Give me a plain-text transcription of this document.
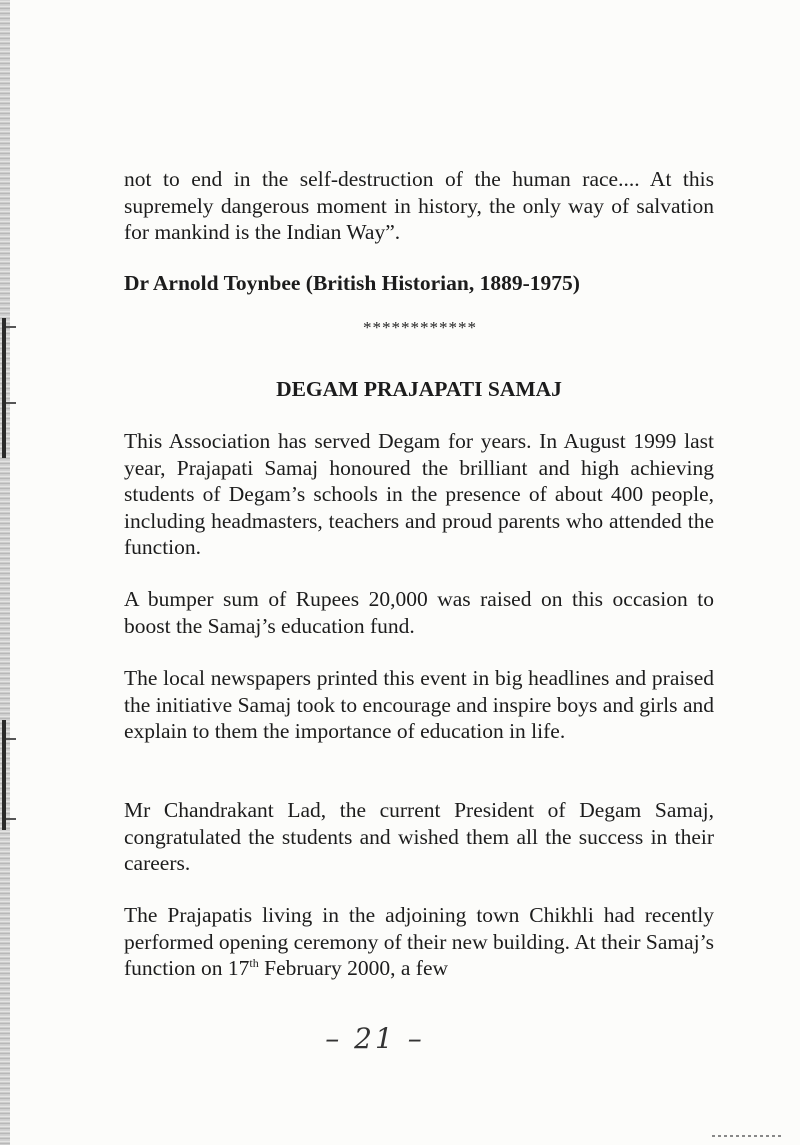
not to end in the self-destruction of the human race.... At this supremely dangerous moment in history, the only way of salvation for mankind is the Indian Way”.

Dr Arnold Toynbee (British Historian, 1889-1975)
************
DEGAM PRAJAPATI SAMAJ

This Association has served Degam for years. In August 1999 last year, Prajapati Samaj honoured the brilliant and high achieving students of Degam’s schools in the presence of about 400 people, including headmasters, teachers and proud parents who attended the function.

A bumper sum of Rupees 20,000 was raised on this occasion to boost the Samaj’s education fund.

The local newspapers printed this event in big headlines and praised the initiative Samaj took to encourage and inspire boys and girls and explain to them the importance of education in life.

Mr Chandrakant Lad, the current President of Degam Samaj, congratulated the students and wished them all the success in their careers.

The Prajapatis living in the adjoining town Chikhli had recently performed opening ceremony of their new building. At their Samaj’s function on 17th February 2000, a few

– 21 –
